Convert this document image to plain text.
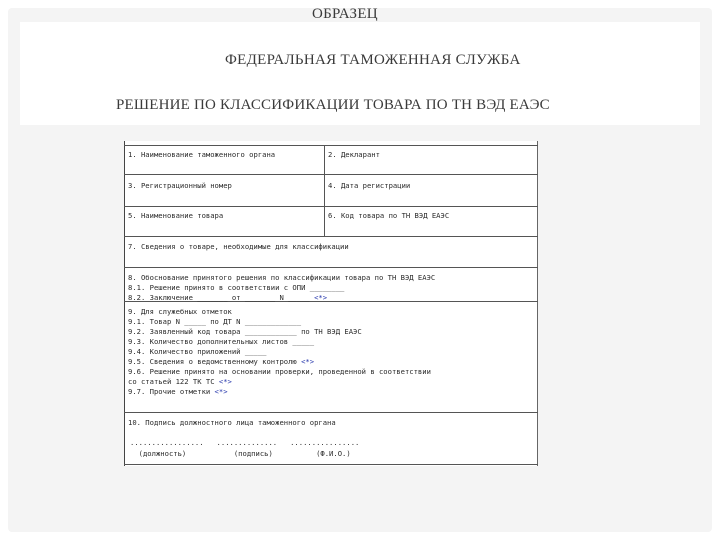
ОБРАЗЕЦ
ФЕДЕРАЛЬНАЯ ТАМОЖЕННАЯ СЛУЖБА
РЕШЕНИЕ ПО КЛАССИФИКАЦИИ ТОВАРА ПО ТН ВЭД ЕАЭС
1. Наименование таможенного органа	2. Декларант
3. Регистрационный номер	4. Дата регистрации
5. Наименование товара	6. Код товара по ТН ВЭД ЕАЭС
7. Сведения о товаре, необходимые для классификации
8. Обоснование принятого решения по классификации товара по ТН ВЭД ЕАЭС
8.1. Решение принято в соответствии с ОПИ ________
8.2. Заключение _______ от _______ N _____ <*>
9. Для служебных отметок
9.1. Товар N _____ по ДТ N _____________
9.2. Заявленный код товара ____________ по ТН ВЭД ЕАЭС
9.3. Количество дополнительных листов _____
9.4. Количество приложений _____
9.5. Сведения о ведомственному контролю <*>
9.6. Решение принято на основании проверки, проведенной в соответствии
со статьей 122 ТК ТС <*>
9.7. Прочие отметки <*>
10. Подпись должностного лица таможенного органа
.................   ..............   ................
(должность)           (подпись)          (Ф.И.О.)
